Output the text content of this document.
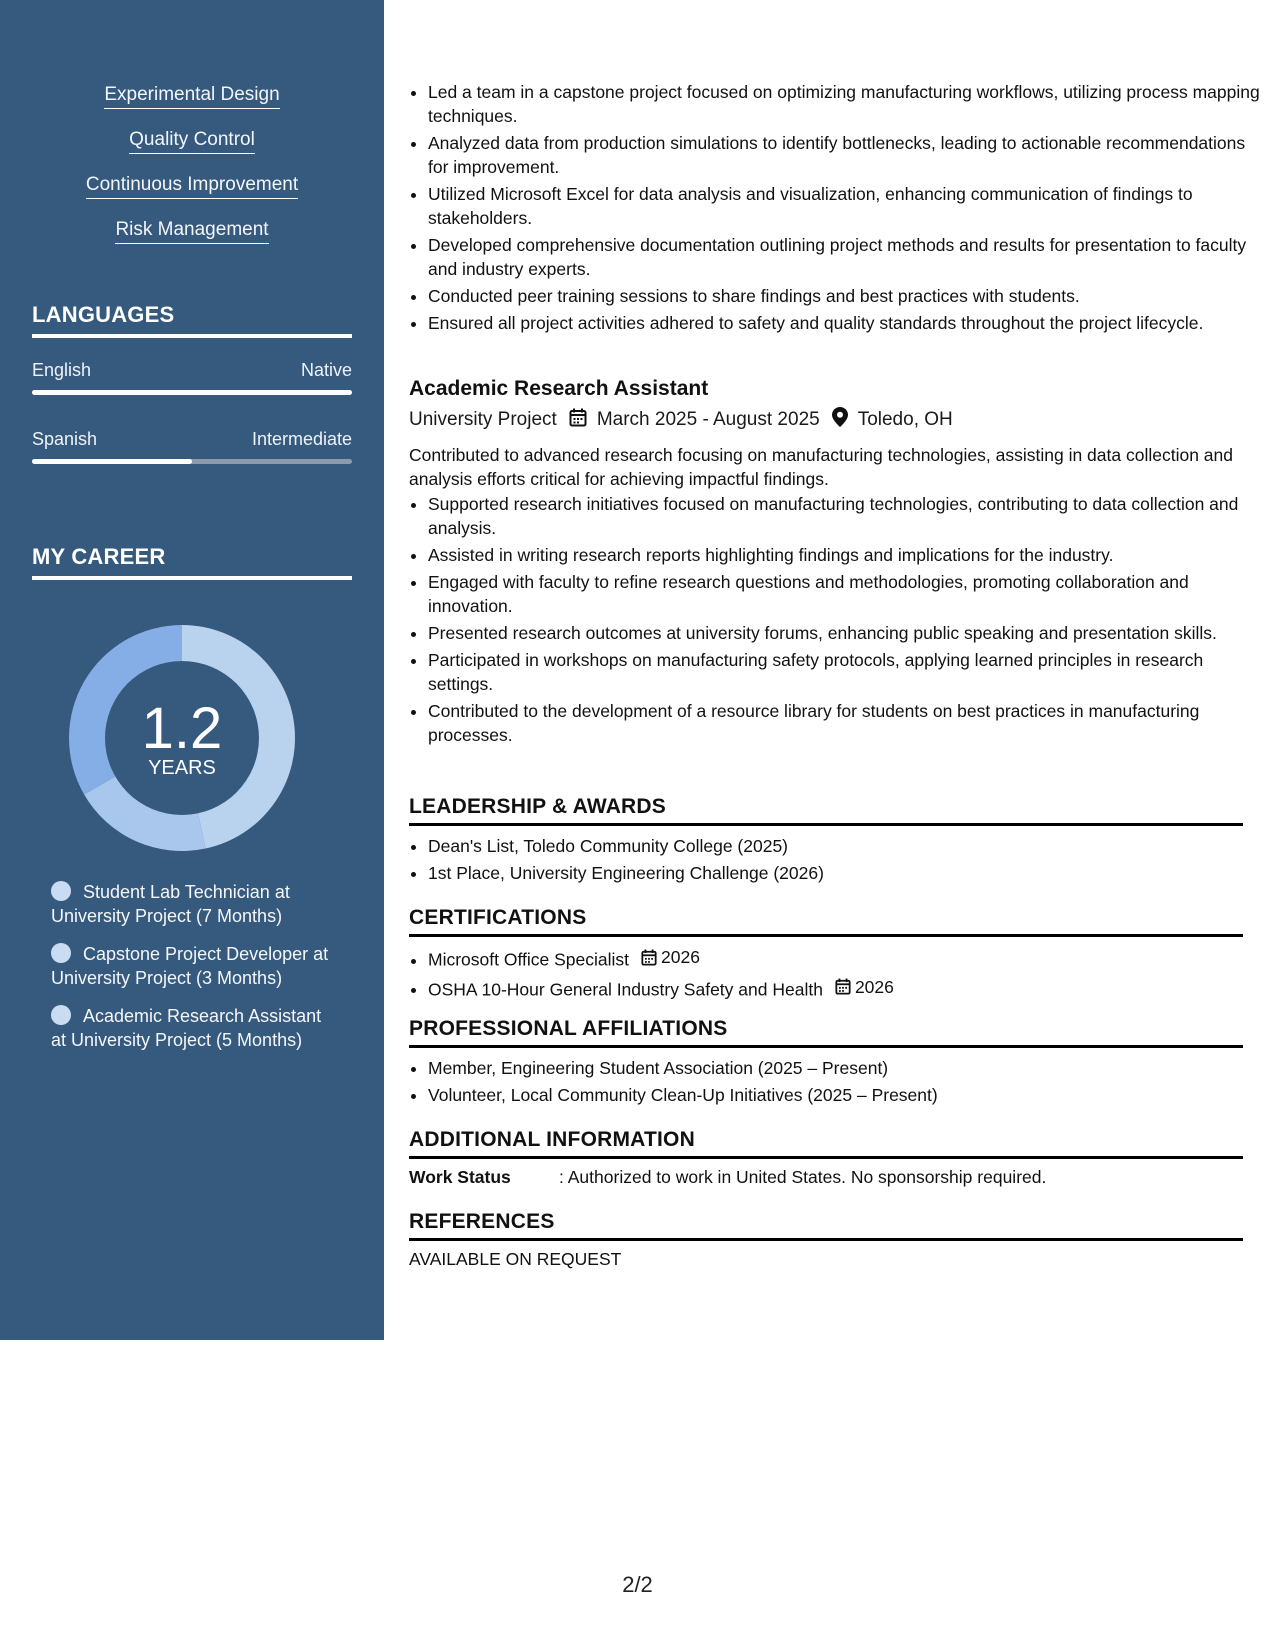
Experimental Design
Quality Control
Continuous Improvement
Risk Management
LANGUAGES
English	Native
Spanish	Intermediate
MY CAREER
1.2
YEARS
Student Lab Technician at University Project (7 Months)
Capstone Project Developer at University Project (3 Months)
Academic Research Assistant at University Project (5 Months)
• Led a team in a capstone project focused on optimizing manufacturing workflows, utilizing process mapping techniques.
• Analyzed data from production simulations to identify bottlenecks, leading to actionable recommendations for improvement.
• Utilized Microsoft Excel for data analysis and visualization, enhancing communication of findings to stakeholders.
• Developed comprehensive documentation outlining project methods and results for presentation to faculty and industry experts.
• Conducted peer training sessions to share findings and best practices with students.
• Ensured all project activities adhered to safety and quality standards throughout the project lifecycle.
Academic Research Assistant
University Project March 2025 - August 2025 Toledo, OH
Contributed to advanced research focusing on manufacturing technologies, assisting in data collection and analysis efforts critical for achieving impactful findings.
• Supported research initiatives focused on manufacturing technologies, contributing to data collection and analysis.
• Assisted in writing research reports highlighting findings and implications for the industry.
• Engaged with faculty to refine research questions and methodologies, promoting collaboration and innovation.
• Presented research outcomes at university forums, enhancing public speaking and presentation skills.
• Participated in workshops on manufacturing safety protocols, applying learned principles in research settings.
• Contributed to the development of a resource library for students on best practices in manufacturing processes.
LEADERSHIP & AWARDS
• Dean's List, Toledo Community College (2025)
• 1st Place, University Engineering Challenge (2026)
CERTIFICATIONS
• Microsoft Office Specialist 2026
• OSHA 10-Hour General Industry Safety and Health 2026
PROFESSIONAL AFFILIATIONS
• Member, Engineering Student Association (2025 – Present)
• Volunteer, Local Community Clean-Up Initiatives (2025 – Present)
ADDITIONAL INFORMATION
Work Status	: Authorized to work in United States. No sponsorship required.
REFERENCES
AVAILABLE ON REQUEST
2/2
